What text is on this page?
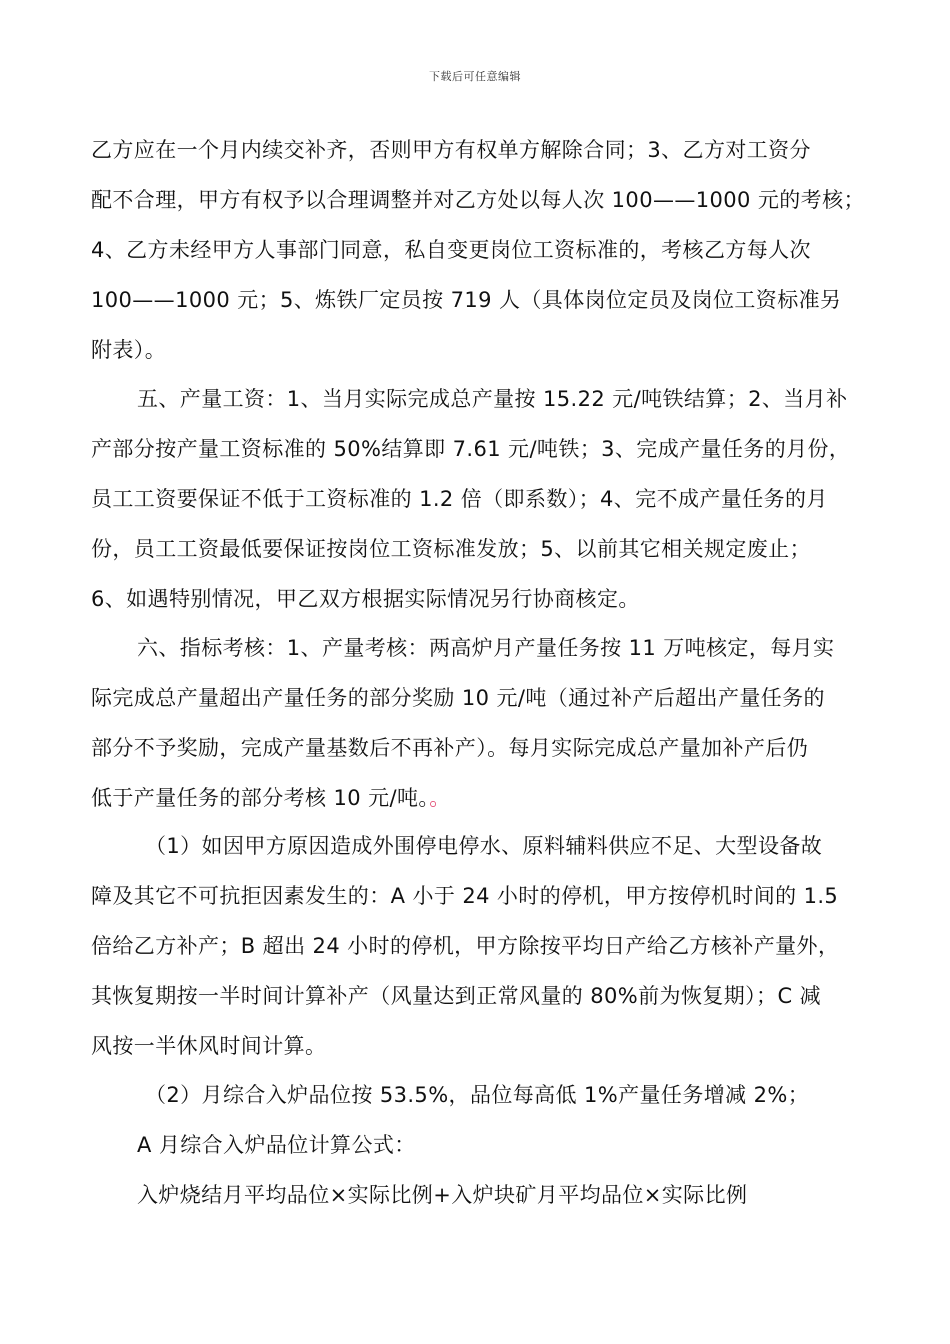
下载后可任意编辑
乙方应在一个月内续交补齐，否则甲方有权单方解除合同；3、乙方对工资分
配不合理，甲方有权予以合理调整并对乙方处以每人次 100——1000 元的考核；
4、乙方未经甲方人事部门同意，私自变更岗位工资标准的，考核乙方每人次
100——1000 元；5、炼铁厂定员按 719 人（具体岗位定员及岗位工资标准另
附表）。
五、产量工资：1、当月实际完成总产量按 15.22 元/吨铁结算；2、当月补
产部分按产量工资标准的 50%结算即 7.61 元/吨铁；3、完成产量任务的月份，
员工工资要保证不低于工资标准的 1.2 倍（即系数）；4、完不成产量任务的月
份，员工工资最低要保证按岗位工资标准发放；5、以前其它相关规定废止；
6、如遇特别情况，甲乙双方根据实际情况另行协商核定。
六、指标考核：1、产量考核：两高炉月产量任务按 11 万吨核定，每月实
际完成总产量超出产量任务的部分奖励 10 元/吨（通过补产后超出产量任务的
部分不予奖励，完成产量基数后不再补产）。每月实际完成总产量加补产后仍
低于产量任务的部分考核 10 元/吨。。
（1）如因甲方原因造成外围停电停水、原料辅料供应不足、大型设备故
障及其它不可抗拒因素发生的：A 小于 24 小时的停机，甲方按停机时间的 1.5
倍给乙方补产；B 超出 24 小时的停机，甲方除按平均日产给乙方核补产量外，
其恢复期按一半时间计算补产（风量达到正常风量的 80%前为恢复期）；C 减
风按一半休风时间计算。
（2）月综合入炉品位按 53.5%，品位每高低 1%产量任务增减 2%；
A 月综合入炉品位计算公式：
入炉烧结月平均品位×实际比例+入炉块矿月平均品位×实际比例
